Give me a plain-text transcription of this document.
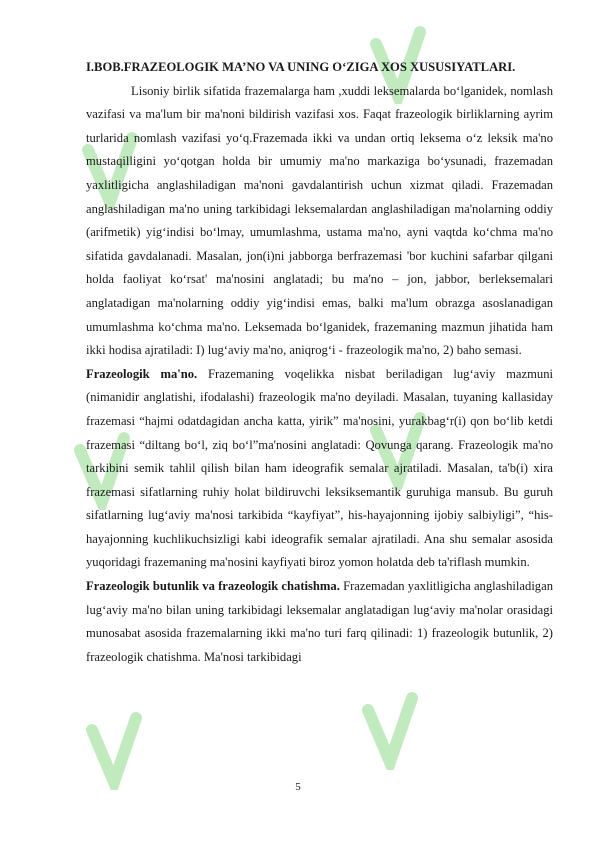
I.BOB.FRAZEOLOGIK MA’NO VA UNING O‘ZIGA XOS XUSUSIYATLARI.

Lisoniy birlik sifatida frazemalarga ham ,xuddi leksemalarda bo‘lganidek, nomlash vazifasi va ma'lum bir ma'noni bildirish vazifasi xos. Faqat frazeologik birliklarning ayrim turlarida nomlash vazifasi yo‘q.Frazemada ikki va undan ortiq leksema o‘z leksik ma'no mustaqilligini yo‘qotgan holda bir umumiy ma'no markaziga bo‘ysunadi, frazemadan yaxlitligicha anglashiladigan ma'noni gavdalantirish uchun xizmat qiladi. Frazemadan anglashiladigan ma'no uning tarkibidagi leksemalardan anglashiladigan ma'nolarning oddiy (arifmetik) yig‘indisi bo‘lmay, umumlashma, ustama ma'no, ayni vaqtda ko‘chma ma'no sifatida gavdalanadi. Masalan, jon(i)ni jabborga berfrazemasi 'bor kuchini safarbar qilgani holda faoliyat ko‘rsat' ma'nosini anglatadi; bu ma'no – jon, jabbor, berleksemalari anglatadigan ma'nolarning oddiy yig‘indisi emas, balki ma'lum obrazga asoslanadigan umumlashma ko‘chma ma'no. Leksemada bo‘lganidek, frazemaning mazmun jihatida ham ikki hodisa ajratiladi: I) lug‘aviy ma'no, aniqrog‘i - frazeologik ma'no, 2) baho semasi.

Frazeologik ma'no. Frazemaning voqelikka nisbat beriladigan lug‘aviy mazmuni (nimanidir anglatishi, ifodalashi) frazeologik ma'no deyiladi. Masalan, tuyaning kallasiday frazemasi “hajmi odatdagidan ancha katta, yirik” ma'nosini, yurakbag‘r(i) qon bo‘lib ketdi frazemasi “diltang bo‘l, ziq bo‘l”ma'nosini anglatadi: Qovunga qarang. Frazeologik ma'no tarkibini semik tahlil qilish bilan ham ideografik semalar ajratiladi. Masalan, ta'b(i) xira frazemasi sifatlarning ruhiy holat bildiruvchi leksiksemantik guruhiga mansub. Bu guruh sifatlarning lug‘aviy ma'nosi tarkibida “kayfiyat”, his-hayajonning ijobiy salbiyligi”, “his-hayajonning kuchlikuchsizligi kabi ideografik semalar ajratiladi. Ana shu semalar asosida yuqoridagi frazemaning ma'nosini kayfiyati biroz yomon holatda deb ta'riflash mumkin.

Frazeologik butunlik va frazeologik chatishma. Frazemadan yaxlitligicha anglashiladigan lug‘aviy ma'no bilan uning tarkibidagi leksemalar anglatadigan lug‘aviy ma'nolar orasidagi munosabat asosida frazemalarning ikki ma'no turi farq qilinadi: 1) frazeologik butunlik, 2) frazeologik chatishma. Ma'nosi tarkibidagi

5
